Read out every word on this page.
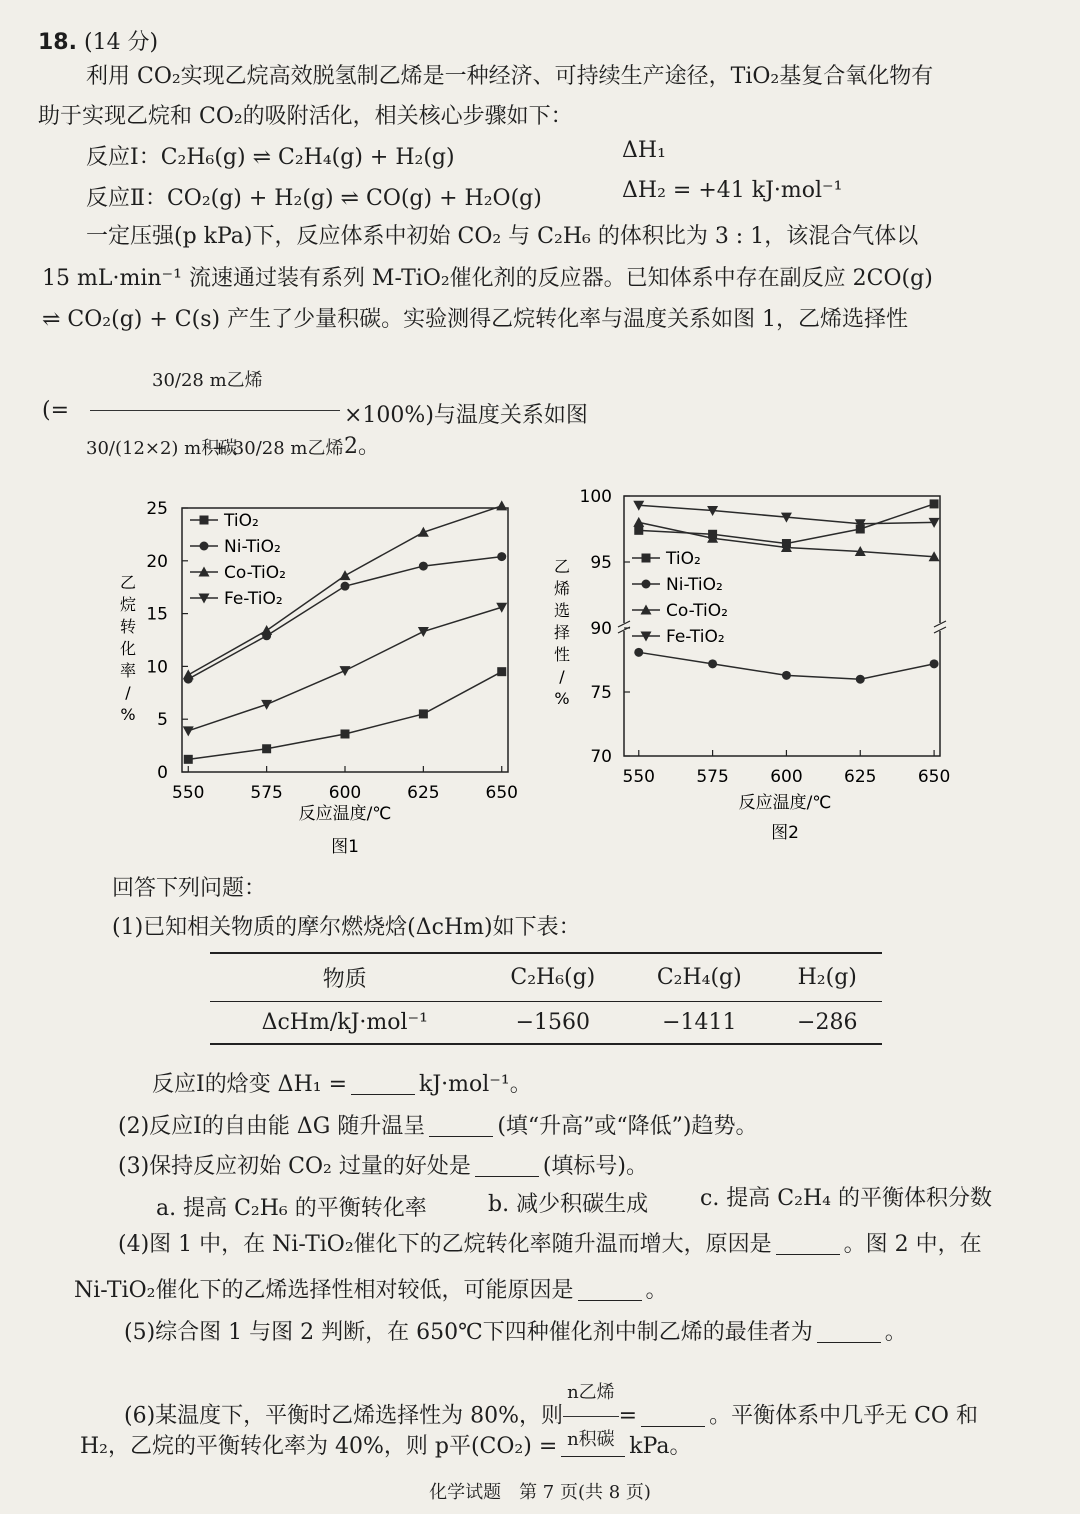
18. (14 分)
利用 CO₂实现乙烷高效脱氢制乙烯是一种经济、可持续生产途径，TiO₂基复合氧化物有
助于实现乙烷和 CO₂的吸附活化，相关核心步骤如下：
反应Ⅰ：C₂H₆(g) ⇌ C₂H₄(g) + H₂(g)	ΔH₁
反应Ⅱ：CO₂(g) + H₂(g) ⇌ CO(g) + H₂O(g)	ΔH₂ = +41 kJ·mol⁻¹
一定压强(p kPa)下，反应体系中初始 CO₂ 与 C₂H₆ 的体积比为 3 : 1，该混合气体以
15 mL·min⁻¹ 流速通过装有系列 M-TiO₂催化剂的反应器。已知体系中存在副反应 2CO(g)
⇌ CO₂(g) + C(s) 产生了少量积碳。实验测得乙烷转化率与温度关系如图 1，乙烯选择性
30/28 m乙烯
(=
30/(12×2) m积碳
+ 30/28 m乙烯
×100%)与温度关系如图 2。
550	575	600	625	650
0
5
10
15
20
25
TiO₂
Ni-TiO₂
Co-TiO₂
Fe-TiO₂
反应温度/℃
图1
乙
烷
转
化
率
/
%
550 575 600 625 650
70
75
90
95
100
TiO₂
Ni-TiO₂
Co-TiO₂
Fe-TiO₂
反应温度/℃
图2
乙
烯
选
择
性
/
%
回答下列问题：
(1)已知相关物质的摩尔燃烧焓(ΔcHm)如下表：
物质	C₂H₆(g)	C₂H₄(g)	H₂(g)
ΔcHm/kJ·mol⁻¹	−1560	−1411	−286
反应Ⅰ的焓变 ΔH₁ =	kJ·mol⁻¹。
(2)反应Ⅰ的自由能 ΔG 随升温呈	(填“升高”或“降低”)趋势。
(3)保持反应初始 CO₂ 过量的好处是	(填标号)。
a. 提高 C₂H₆ 的平衡转化率	b. 减少积碳生成 c. 提高 C₂H₄ 的平衡体积分数
(4)图 1 中，在 Ni-TiO₂催化下的乙烷转化率随升温而增大，原因是	。图 2 中，在
Ni-TiO₂催化下的乙烯选择性相对较低，可能原因是	。
(5)综合图 1 与图 2 判断，在 650℃下四种催化剂中制乙烯的最佳者为	。
(6)某温度下，平衡时乙烯选择性为 80%，则 $\frac{\text{n乙烯}}{\text{n积碳}}$ =	。平衡体系中几乎无 CO 和
H₂，乙烷的平衡转化率为 40%，则 p平(CO₂) =	kPa。
化学试题　第 7 页(共 8 页)
